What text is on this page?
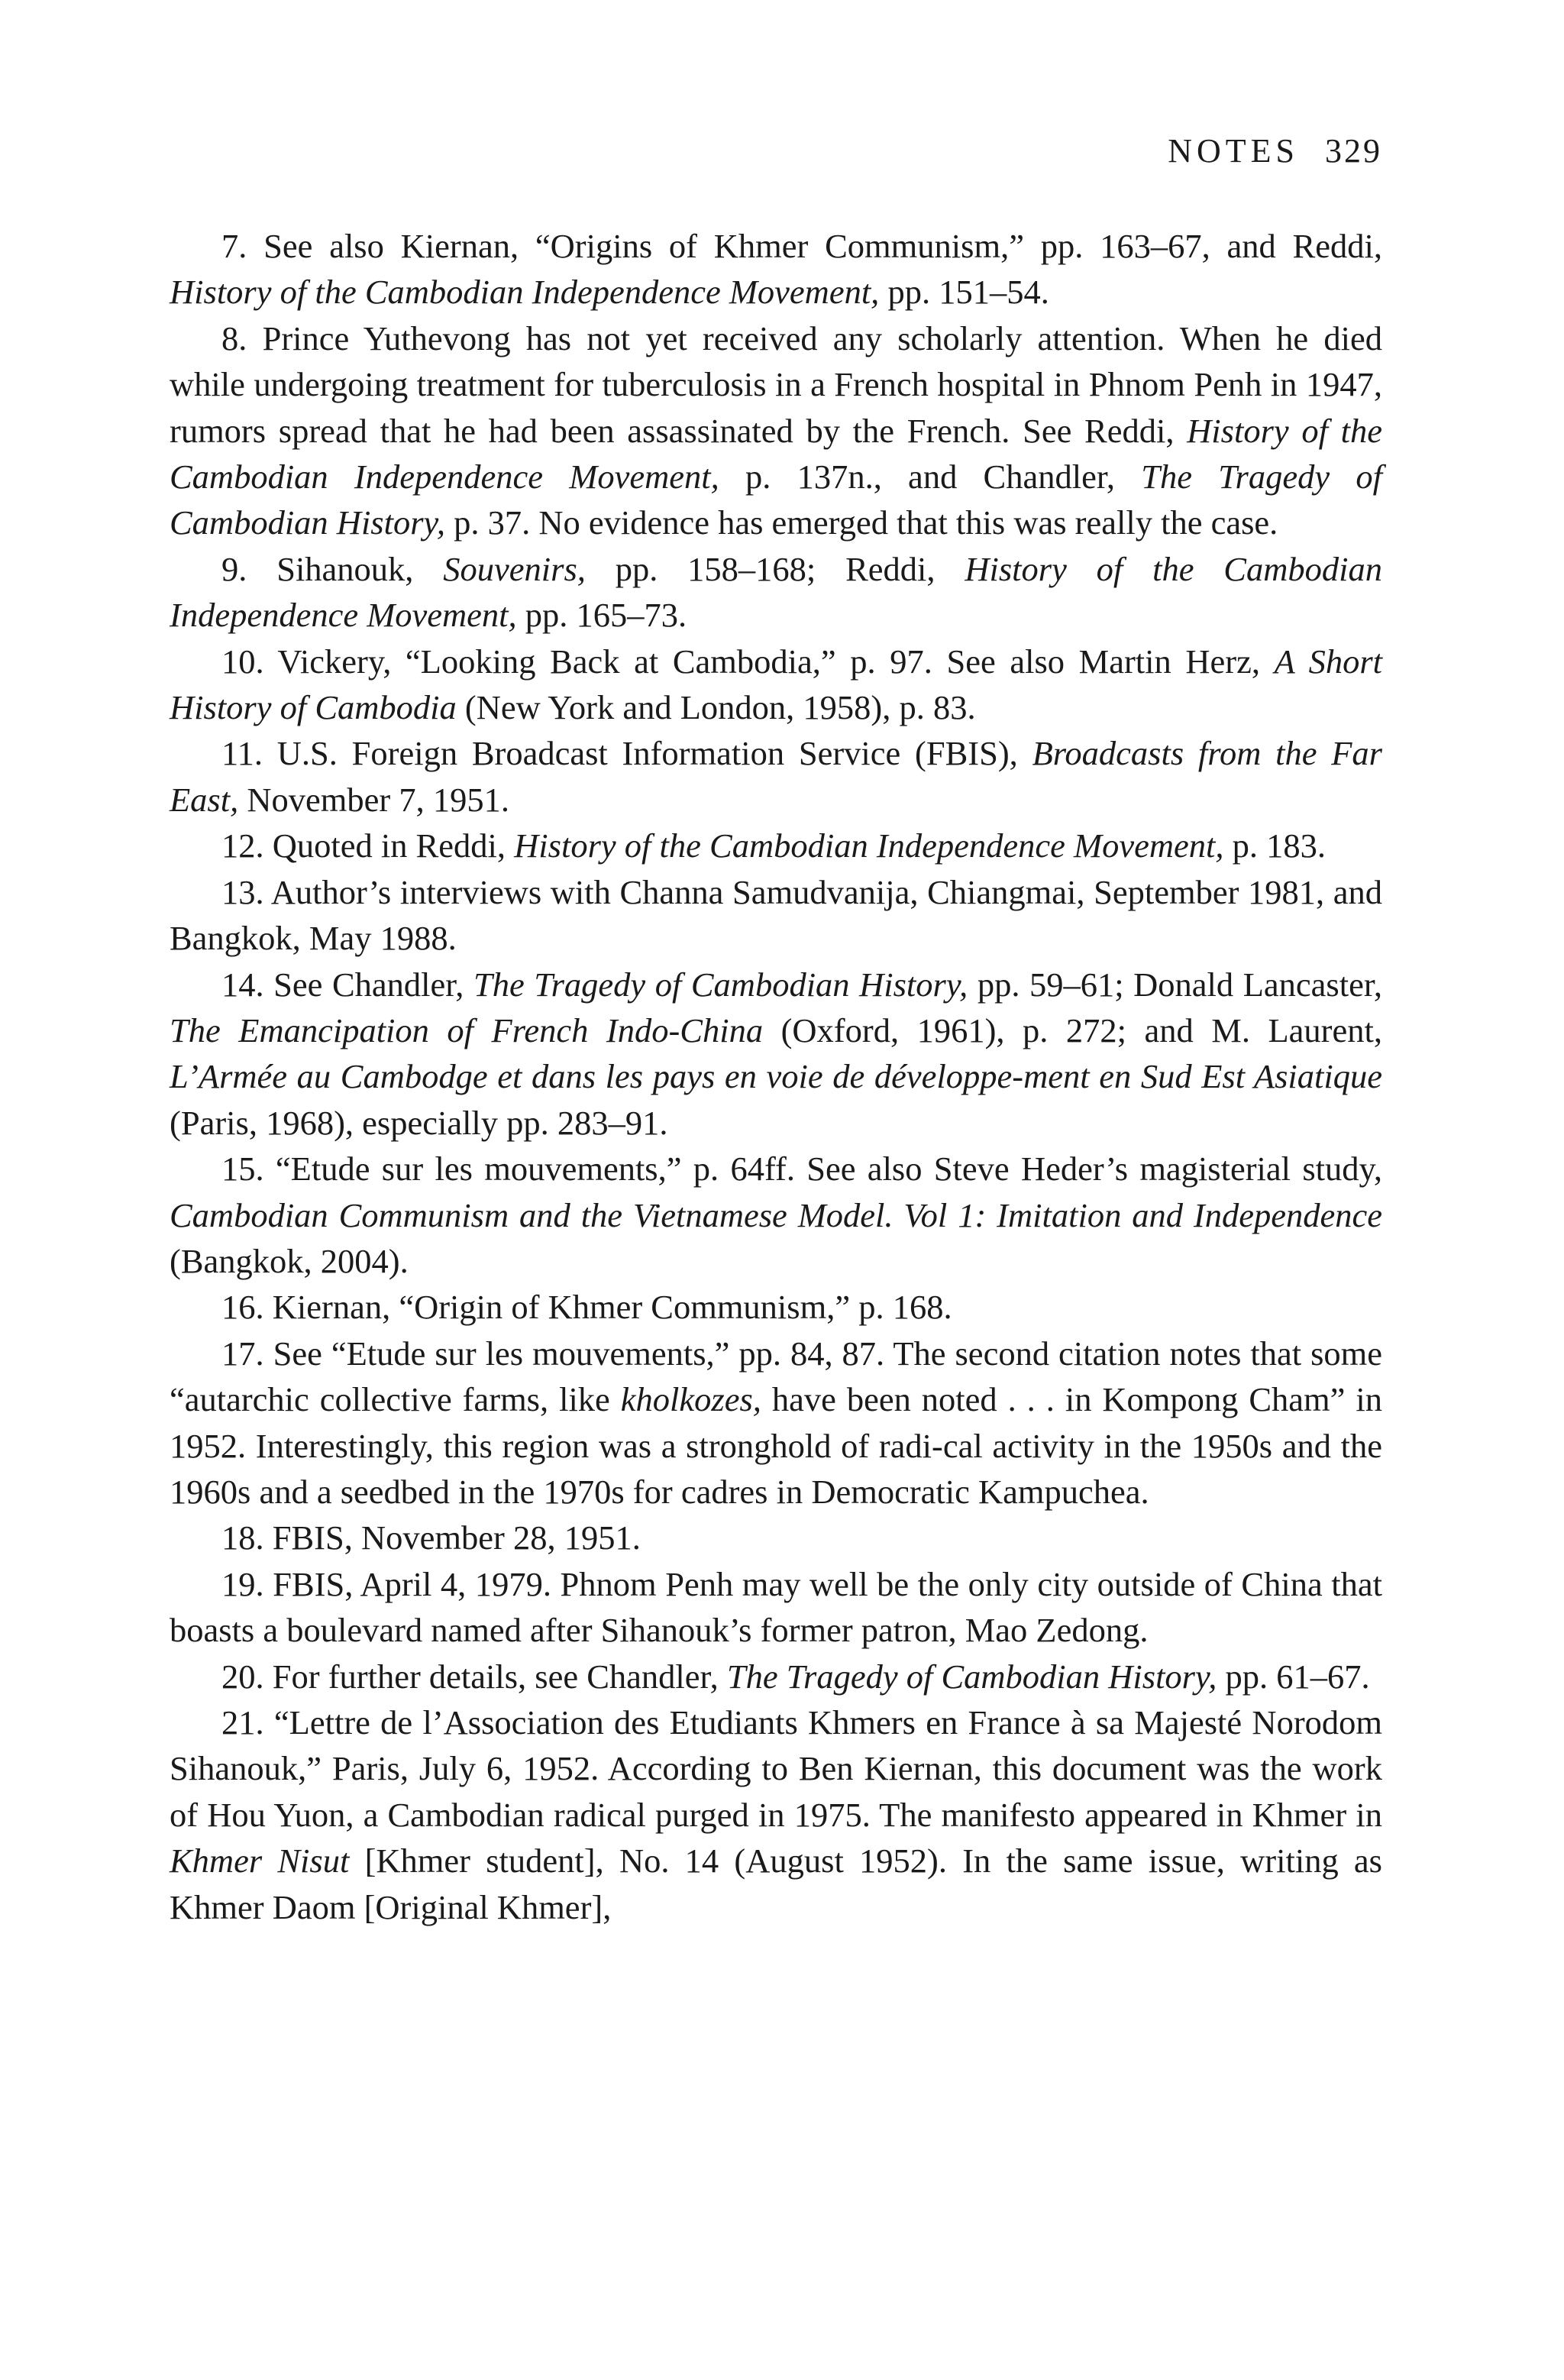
NOTES 329

7. See also Kiernan, “Origins of Khmer Communism,” pp. 163–67, and Reddi, History of the Cambodian Independence Movement, pp. 151–54.

8. Prince Yuthevong has not yet received any scholarly attention. When he died while undergoing treatment for tuberculosis in a French hospital in Phnom Penh in 1947, rumors spread that he had been assassinated by the French. See Reddi, History of the Cambodian Independence Movement, p. 137n., and Chandler, The Tragedy of Cambodian History, p. 37. No evidence has emerged that this was really the case.

9. Sihanouk, Souvenirs, pp. 158–168; Reddi, History of the Cambodian Independence Movement, pp. 165–73.

10. Vickery, “Looking Back at Cambodia,” p. 97. See also Martin Herz, A Short History of Cambodia (New York and London, 1958), p. 83.

11. U.S. Foreign Broadcast Information Service (FBIS), Broadcasts from the Far East, November 7, 1951.

12. Quoted in Reddi, History of the Cambodian Independence Movement, p. 183.

13. Author’s interviews with Channa Samudvanija, Chiangmai, September 1981, and Bangkok, May 1988.

14. See Chandler, The Tragedy of Cambodian History, pp. 59–61; Donald Lancaster, The Emancipation of French Indo-China (Oxford, 1961), p. 272; and M. Laurent, L’Armée au Cambodge et dans les pays en voie de développe-ment en Sud Est Asiatique (Paris, 1968), especially pp. 283–91.

15. “Etude sur les mouvements,” p. 64ff. See also Steve Heder’s magisterial study, Cambodian Communism and the Vietnamese Model. Vol 1: Imitation and Independence (Bangkok, 2004).

16. Kiernan, “Origin of Khmer Communism,” p. 168.

17. See “Etude sur les mouvements,” pp. 84, 87. The second citation notes that some “autarchic collective farms, like kholkozes, have been noted . . . in Kompong Cham” in 1952. Interestingly, this region was a stronghold of radi-cal activity in the 1950s and the 1960s and a seedbed in the 1970s for cadres in Democratic Kampuchea.

18. FBIS, November 28, 1951.

19. FBIS, April 4, 1979. Phnom Penh may well be the only city outside of China that boasts a boulevard named after Sihanouk’s former patron, Mao Zedong.

20. For further details, see Chandler, The Tragedy of Cambodian History, pp. 61–67.

21. “Lettre de l’Association des Etudiants Khmers en France à sa Majesté Norodom Sihanouk,” Paris, July 6, 1952. According to Ben Kiernan, this document was the work of Hou Yuon, a Cambodian radical purged in 1975. The manifesto appeared in Khmer in Khmer Nisut [Khmer student], No. 14 (August 1952). In the same issue, writing as Khmer Daom [Original Khmer],
